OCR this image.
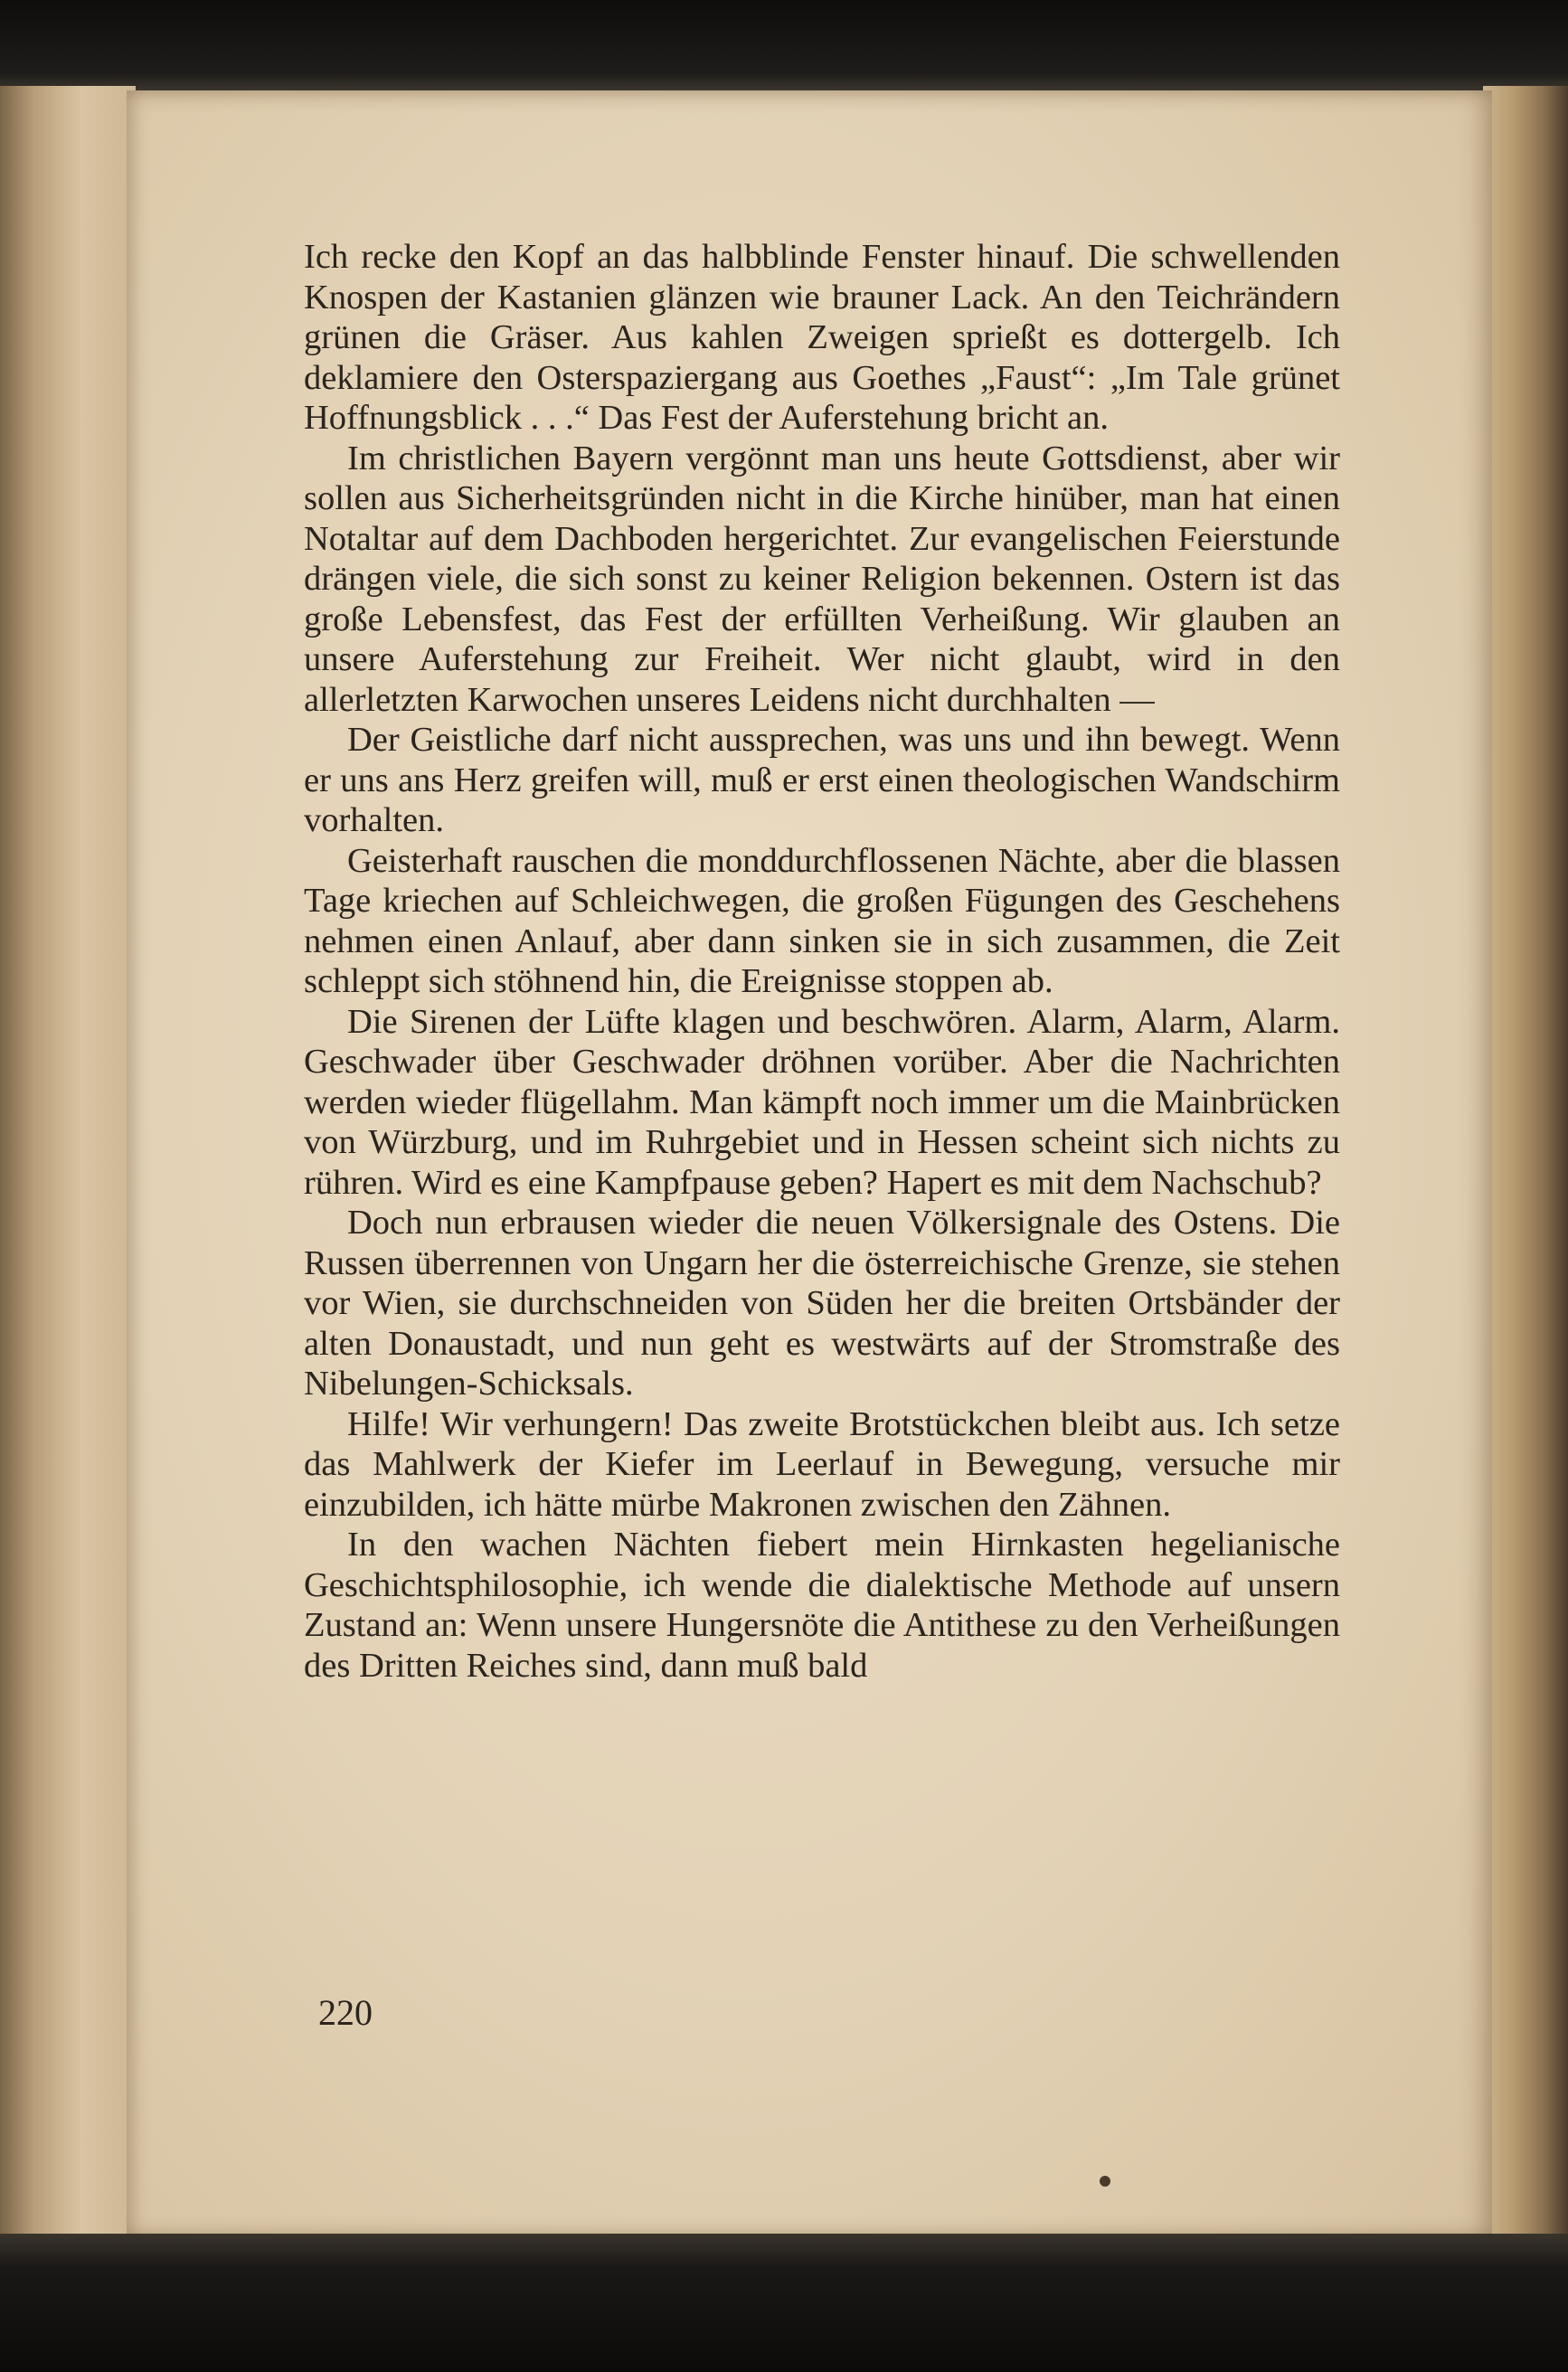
Ich recke den Kopf an das halbblinde Fenster hinauf. Die schwellenden Knospen der Kastanien glänzen wie brauner Lack. An den Teichrändern grünen die Gräser. Aus kahlen Zweigen sprießt es dottergelb. Ich deklamiere den Osterspaziergang aus Goethes „Faust“: „Im Tale grünet Hoffnungsblick . . .“ Das Fest der Auferstehung bricht an.

Im christlichen Bayern vergönnt man uns heute Gottsdienst, aber wir sollen aus Sicherheitsgründen nicht in die Kirche hinüber, man hat einen Notaltar auf dem Dachboden hergerichtet. Zur evangelischen Feierstunde drängen viele, die sich sonst zu keiner Religion bekennen. Ostern ist das große Lebensfest, das Fest der erfüllten Verheißung. Wir glauben an unsere Auferstehung zur Freiheit. Wer nicht glaubt, wird in den allerletzten Karwochen unseres Leidens nicht durchhalten —

Der Geistliche darf nicht aussprechen, was uns und ihn bewegt. Wenn er uns ans Herz greifen will, muß er erst einen theologischen Wandschirm vorhalten.

Geisterhaft rauschen die monddurchflossenen Nächte, aber die blassen Tage kriechen auf Schleichwegen, die großen Fügungen des Geschehens nehmen einen Anlauf, aber dann sinken sie in sich zusammen, die Zeit schleppt sich stöhnend hin, die Ereignisse stoppen ab.

Die Sirenen der Lüfte klagen und beschwören. Alarm, Alarm, Alarm. Geschwader über Geschwader dröhnen vorüber. Aber die Nachrichten werden wieder flügellahm. Man kämpft noch immer um die Mainbrücken von Würzburg, und im Ruhrgebiet und in Hessen scheint sich nichts zu rühren. Wird es eine Kampfpause geben? Hapert es mit dem Nachschub?

Doch nun erbrausen wieder die neuen Völkersignale des Ostens. Die Russen überrennen von Ungarn her die österreichische Grenze, sie stehen vor Wien, sie durchschneiden von Süden her die breiten Ortsbänder der alten Donaustadt, und nun geht es westwärts auf der Stromstraße des Nibelungen-Schicksals.

Hilfe! Wir verhungern! Das zweite Brotstückchen bleibt aus. Ich setze das Mahlwerk der Kiefer im Leerlauf in Bewegung, versuche mir einzubilden, ich hätte mürbe Makronen zwischen den Zähnen.

In den wachen Nächten fiebert mein Hirnkasten hegelianische Geschichtsphilosophie, ich wende die dialektische Methode auf unsern Zustand an: Wenn unsere Hungersnöte die Antithese zu den Verheißungen des Dritten Reiches sind, dann muß bald

220
